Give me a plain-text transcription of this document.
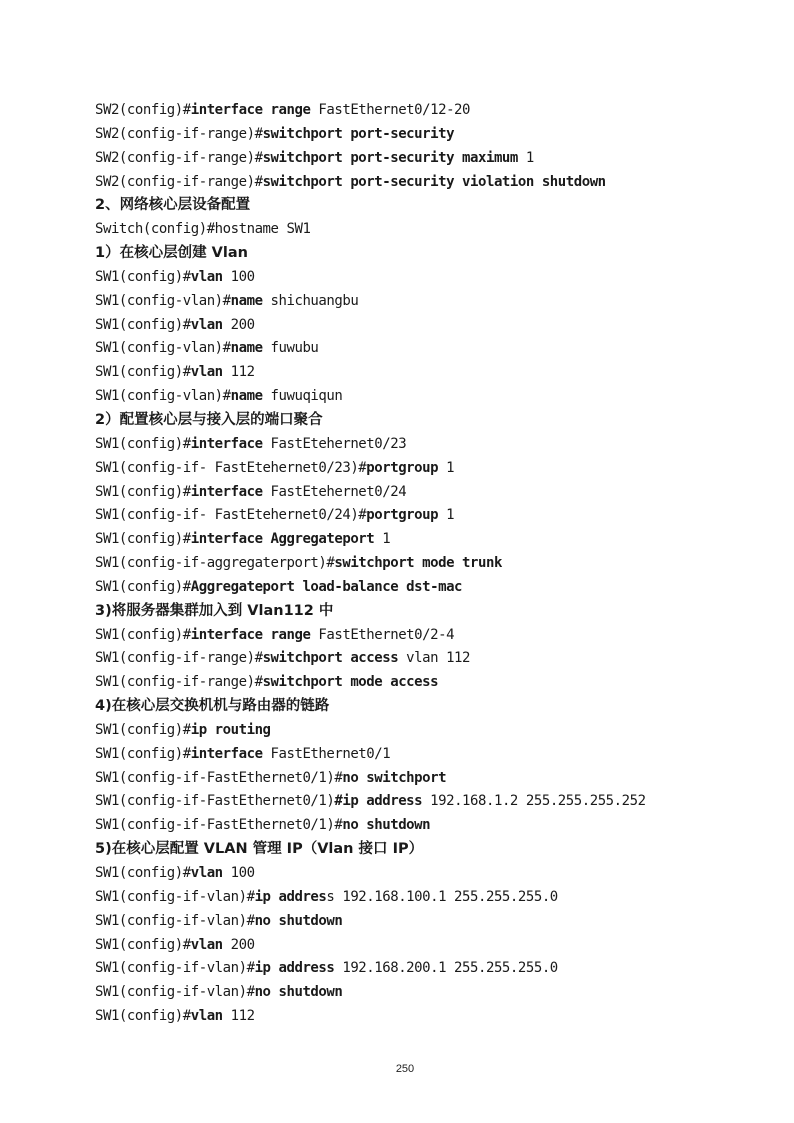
SW2(config)#interface range FastEthernet0/12-20
SW2(config-if-range)#switchport port-security
SW2(config-if-range)#switchport port-security maximum 1
SW2(config-if-range)#switchport port-security violation shutdown
2、网络核心层设备配置
Switch(config)#hostname SW1
1）在核心层创建 Vlan
SW1(config)#vlan 100
SW1(config-vlan)#name shichuangbu
SW1(config)#vlan 200
SW1(config-vlan)#name fuwubu
SW1(config)#vlan 112
SW1(config-vlan)#name fuwuqiqun
2）配置核心层与接入层的端口聚合
SW1(config)#interface FastEtehernet0/23
SW1(config-if- FastEtehernet0/23)#portgroup 1
SW1(config)#interface FastEtehernet0/24
SW1(config-if- FastEtehernet0/24)#portgroup 1
SW1(config)#interface Aggregateport 1
SW1(config-if-aggregaterport)#switchport mode trunk
SW1(config)#Aggregateport load-balance dst-mac
3)将服务器集群加入到 Vlan112 中
SW1(config)#interface range FastEthernet0/2-4
SW1(config-if-range)#switchport access vlan 112
SW1(config-if-range)#switchport mode access
4)在核心层交换机机与路由器的链路
SW1(config)#ip routing
SW1(config)#interface FastEthernet0/1
SW1(config-if-FastEthernet0/1)#no switchport
SW1(config-if-FastEthernet0/1)#ip address 192.168.1.2 255.255.255.252
SW1(config-if-FastEthernet0/1)#no shutdown
5)在核心层配置 VLAN 管理 IP（Vlan 接口 IP）
SW1(config)#vlan 100
SW1(config-if-vlan)#ip address 192.168.100.1 255.255.255.0
SW1(config-if-vlan)#no shutdown
SW1(config)#vlan 200
SW1(config-if-vlan)#ip address 192.168.200.1 255.255.255.0
SW1(config-if-vlan)#no shutdown
SW1(config)#vlan 112
250
